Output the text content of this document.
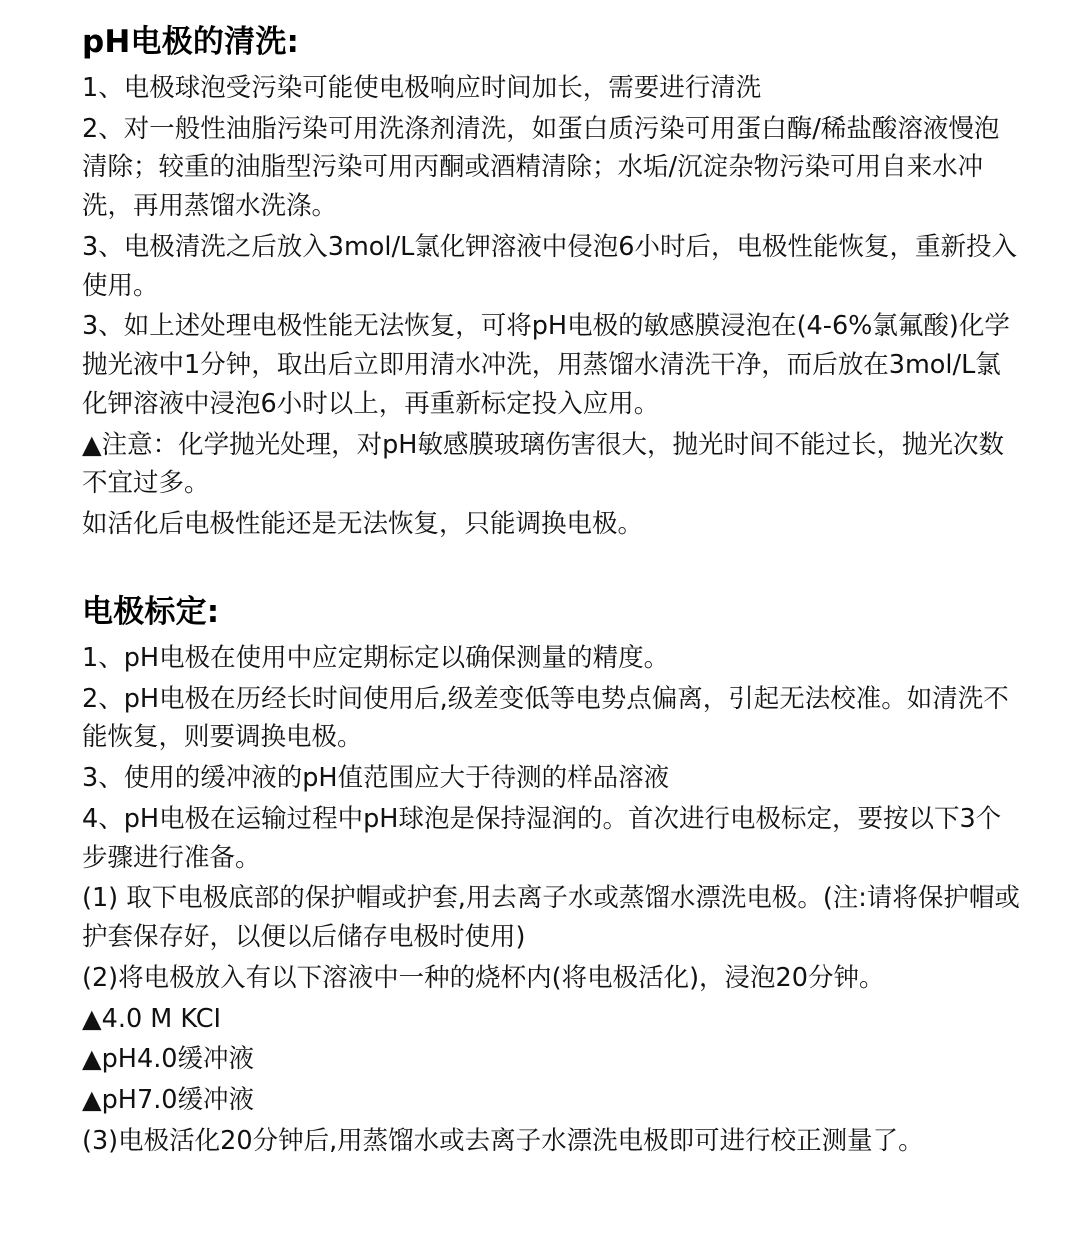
pH电极的清洗:

1、电极球泡受污染可能使电极响应时间加长，需要进行清洗

2、对一般性油脂污染可用洗涤剂清洗，如蛋白质污染可用蛋白酶/稀盐酸溶液慢泡清除；较重的油脂型污染可用丙酮或酒精清除；水垢/沉淀杂物污染可用自来水冲洗，再用蒸馏水洗涤。

3、电极清洗之后放入3mol/L氯化钾溶液中侵泡6小时后，电极性能恢复，重新投入使用。

3、如上述处理电极性能无法恢复，可将pH电极的敏感膜浸泡在(4-6%氯氟酸)化学抛光液中1分钟，取出后立即用清水冲洗，用蒸馏水清洗干净，而后放在3mol/L氯化钾溶液中浸泡6小时以上，再重新标定投入应用。

▲注意：化学抛光处理，对pH敏感膜玻璃伤害很大，抛光时间不能过长，抛光次数不宜过多。

如活化后电极性能还是无法恢复，只能调换电极。

电极标定:

1、pH电极在使用中应定期标定以确保测量的精度。

2、pH电极在历经长时间使用后,级差变低等电势点偏离，引起无法校准。如清洗不能恢复，则要调换电极。

3、使用的缓冲液的pH值范围应大于待测的样品溶液

4、pH电极在运输过程中pH球泡是保持湿润的。首次进行电极标定，要按以下3个步骤进行准备。

(1) 取下电极底部的保护帽或护套,用去离子水或蒸馏水漂洗电极。(注:请将保护帽或护套保存好，以便以后储存电极时使用)

(2)将电极放入有以下溶液中一种的烧杯内(将电极活化)，浸泡20分钟。

▲4.0 M KCI

▲pH4.0缓冲液

▲pH7.0缓冲液

(3)电极活化20分钟后,用蒸馏水或去离子水漂洗电极即可进行校正测量了。
